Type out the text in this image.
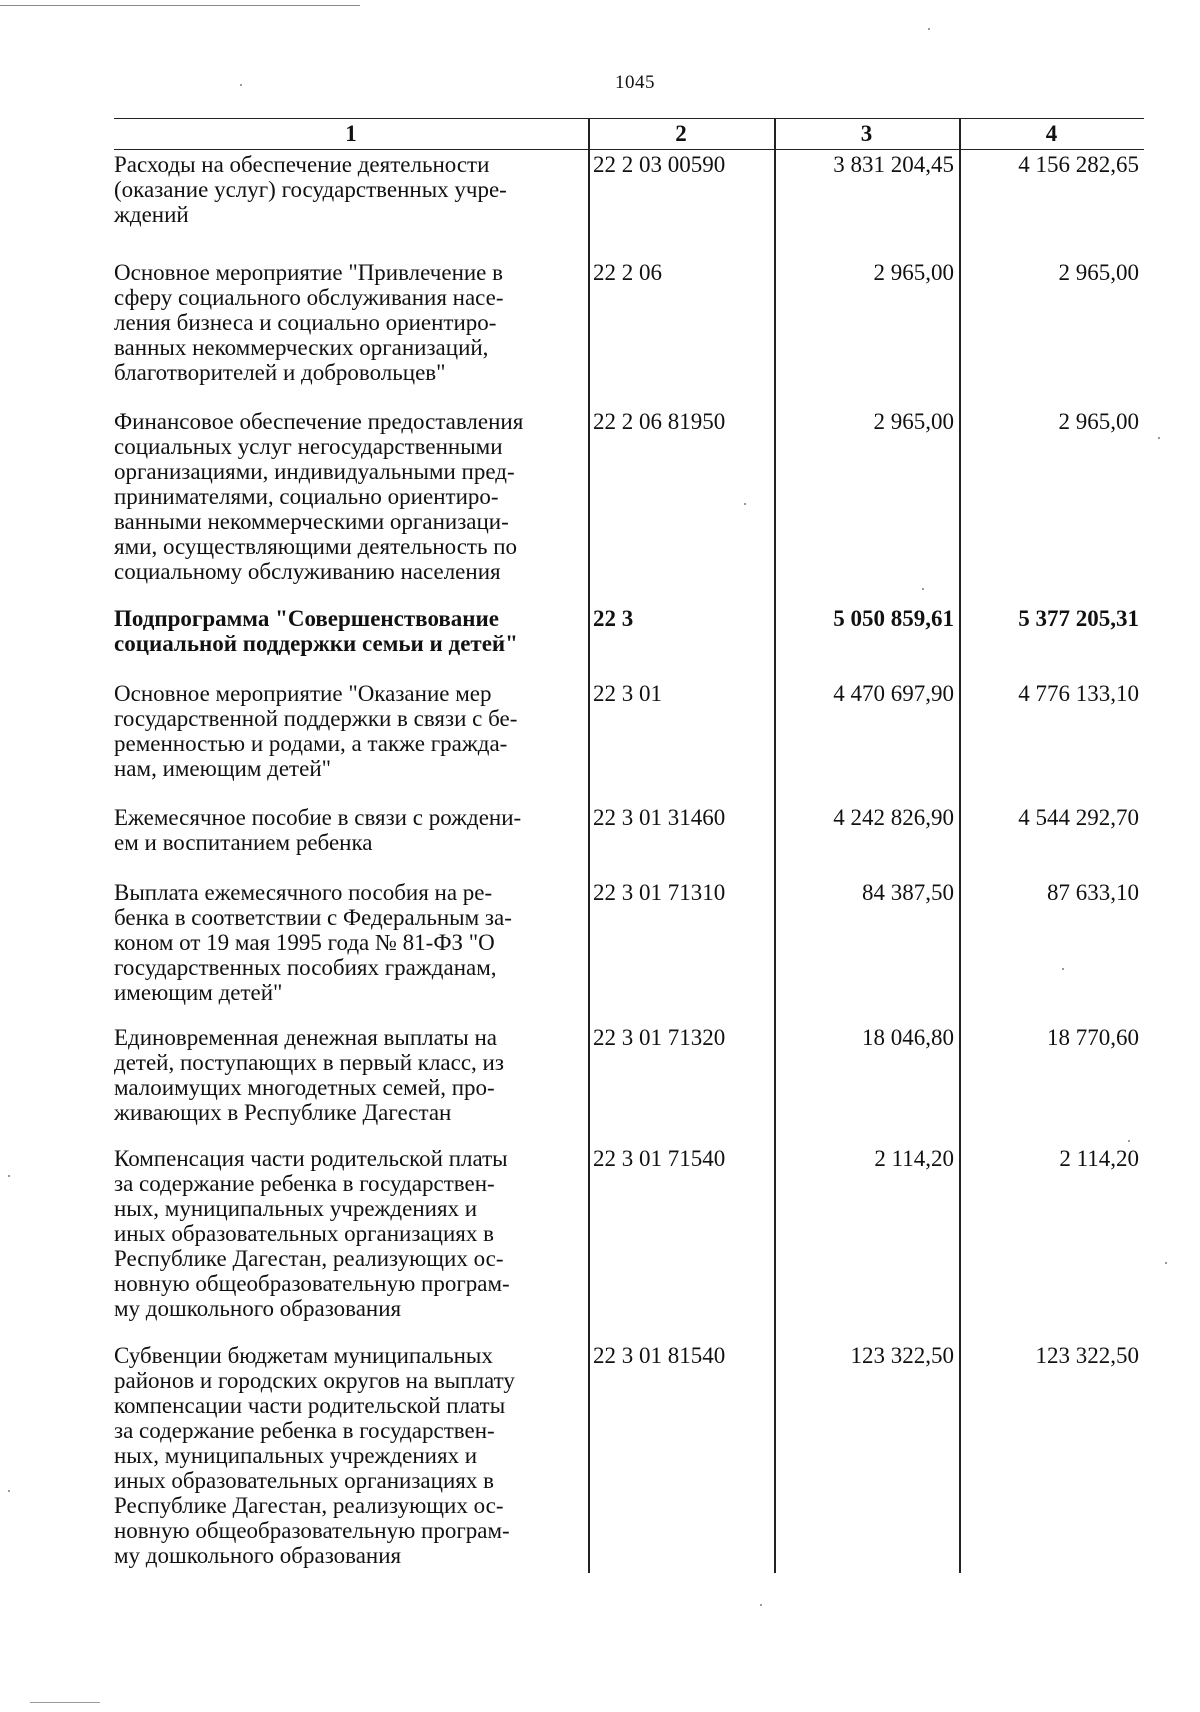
1045
1	2	3	4
Расходы на обеспечение деятельности
(оказание услуг) государственных учре-
ждений
22 2 03 00590	3 831 204,45	4 156 282,65
Основное мероприятие "Привлечение в
сферу социального обслуживания насе-
ления бизнеса и социально ориентиро-
ванных некоммерческих организаций,
благотворителей и добровольцев"
22 2 06	2 965,00	2 965,00
Финансовое обеспечение предоставления
социальных услуг негосударственными
организациями, индивидуальными пред-
принимателями, социально ориентиро-
ванными некоммерческими организаци-
ями, осуществляющими деятельность по
социальному обслуживанию населения
22 2 06 81950	2 965,00	2 965,00
Подпрограмма "Совершенствование
социальной поддержки семьи и детей"
22 3	5 050 859,61	5 377 205,31
Основное мероприятие "Оказание мер
государственной поддержки в связи с бе-
ременностью и родами, а также гражда-
нам, имеющим детей"
22 3 01	4 470 697,90	4 776 133,10
Ежемесячное пособие в связи с рождени-
ем и воспитанием ребенка
22 3 01 31460	4 242 826,90	4 544 292,70
Выплата ежемесячного пособия на ре-
бенка в соответствии с Федеральным за-
коном от 19 мая 1995 года № 81-ФЗ "О
государственных пособиях гражданам,
имеющим детей"
22 3 01 71310	84 387,50	87 633,10
Единовременная денежная выплаты на
детей, поступающих в первый класс, из
малоимущих многодетных семей, про-
живающих в Республике Дагестан
22 3 01 71320	18 046,80	18 770,60
Компенсация части родительской платы
за содержание ребенка в государствен-
ных, муниципальных учреждениях и
иных образовательных организациях в
Республике Дагестан, реализующих ос-
новную общеобразовательную програм-
му дошкольного образования
22 3 01 71540	2 114,20	2 114,20
Субвенции бюджетам муниципальных
районов и городских округов на выплату
компенсации части родительской платы
за содержание ребенка в государствен-
ных, муниципальных учреждениях и
иных образовательных организациях в
Республике Дагестан, реализующих ос-
новную общеобразовательную програм-
му дошкольного образования
22 3 01 81540	123 322,50	123 322,50
